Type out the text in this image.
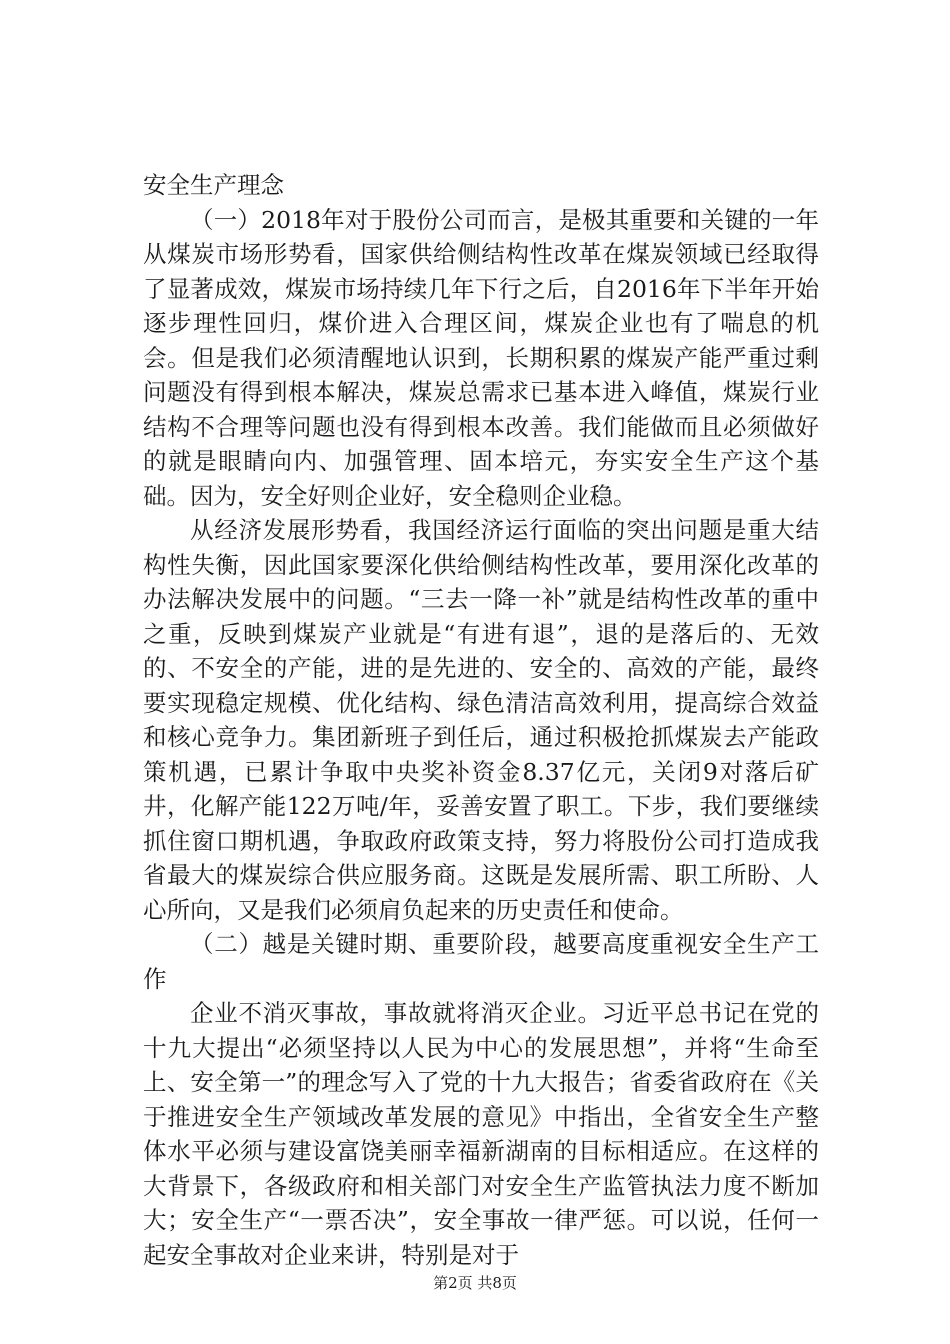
安全生产理念

（一）2018年对于股份公司而言，是极其重要和关键的一年从煤炭市场形势看，国家供给侧结构性改革在煤炭领域已经取得了显著成效，煤炭市场持续几年下行之后，自2016年下半年开始逐步理性回归，煤价进入合理区间，煤炭企业也有了喘息的机会。但是我们必须清醒地认识到，长期积累的煤炭产能严重过剩问题没有得到根本解决，煤炭总需求已基本进入峰值，煤炭行业结构不合理等问题也没有得到根本改善。我们能做而且必须做好的就是眼睛向内、加强管理、固本培元，夯实安全生产这个基础。因为，安全好则企业好，安全稳则企业稳。

从经济发展形势看，我国经济运行面临的突出问题是重大结构性失衡，因此国家要深化供给侧结构性改革，要用深化改革的办法解决发展中的问题。“三去一降一补”就是结构性改革的重中之重，反映到煤炭产业就是“有进有退”，退的是落后的、无效的、不安全的产能，进的是先进的、安全的、高效的产能，最终要实现稳定规模、优化结构、绿色清洁高效利用，提高综合效益和核心竞争力。集团新班子到任后，通过积极抢抓煤炭去产能政策机遇，已累计争取中央奖补资金8.37亿元，关闭9对落后矿井，化解产能122万吨/年，妥善安置了职工。下步，我们要继续抓住窗口期机遇，争取政府政策支持，努力将股份公司打造成我省最大的煤炭综合供应服务商。这既是发展所需、职工所盼、人心所向，又是我们必须肩负起来的历史责任和使命。

（二）越是关键时期、重要阶段，越要高度重视安全生产工作

企业不消灭事故，事故就将消灭企业。习近平总书记在党的十九大提出“必须坚持以人民为中心的发展思想”，并将“生命至上、安全第一”的理念写入了党的十九大报告；省委省政府在《关于推进安全生产领域改革发展的意见》中指出，全省安全生产整体水平必须与建设富饶美丽幸福新湖南的目标相适应。在这样的大背景下，各级政府和相关部门对安全生产监管执法力度不断加大；安全生产“一票否决”，安全事故一律严惩。可以说，任何一起安全事故对企业来讲，特别是对于

第2页 共8页
